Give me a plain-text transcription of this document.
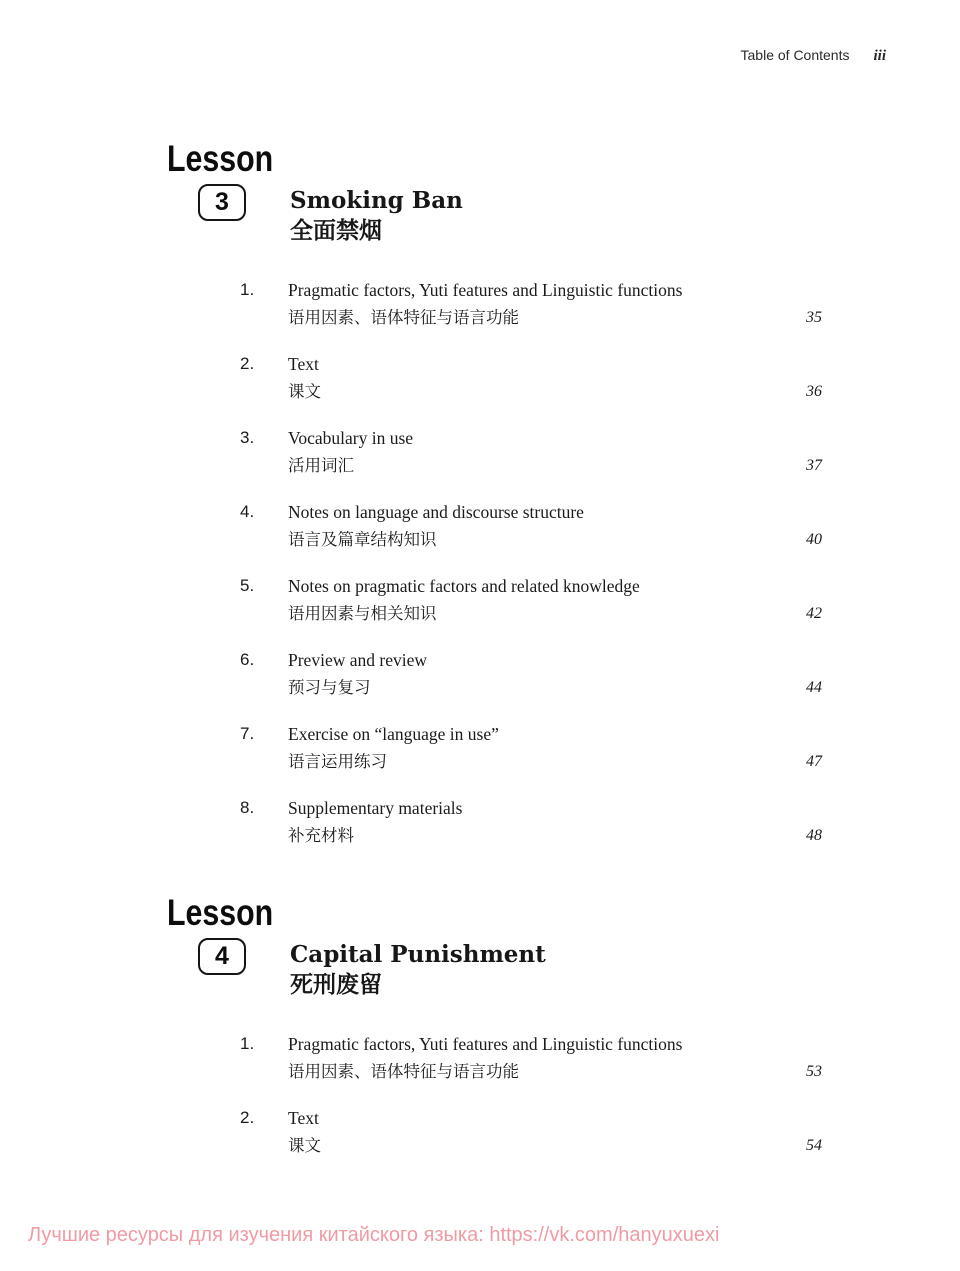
Table of Contents iii
Lesson
3	Smoking Ban
全面禁烟
1.	Pragmatic factors, Yuti features and Linguistic functions
语用因素、语体特征与语言功能	35
2.	Text
课文	36
3.	Vocabulary in use
活用词汇	37
4.	Notes on language and discourse structure
语言及篇章结构知识	40
5.	Notes on pragmatic factors and related knowledge
语用因素与相关知识	42
6.	Preview and review
预习与复习	44
7.	Exercise on “language in use”
语言运用练习	47
8.	Supplementary materials
补充材料	48
Lesson
4	Capital Punishment
死刑废留
1.	Pragmatic factors, Yuti features and Linguistic functions
语用因素、语体特征与语言功能	53
2.	Text
课文	54
Лучшие ресурсы для изучения китайского языка: https://vk.com/hanyuxuexi
